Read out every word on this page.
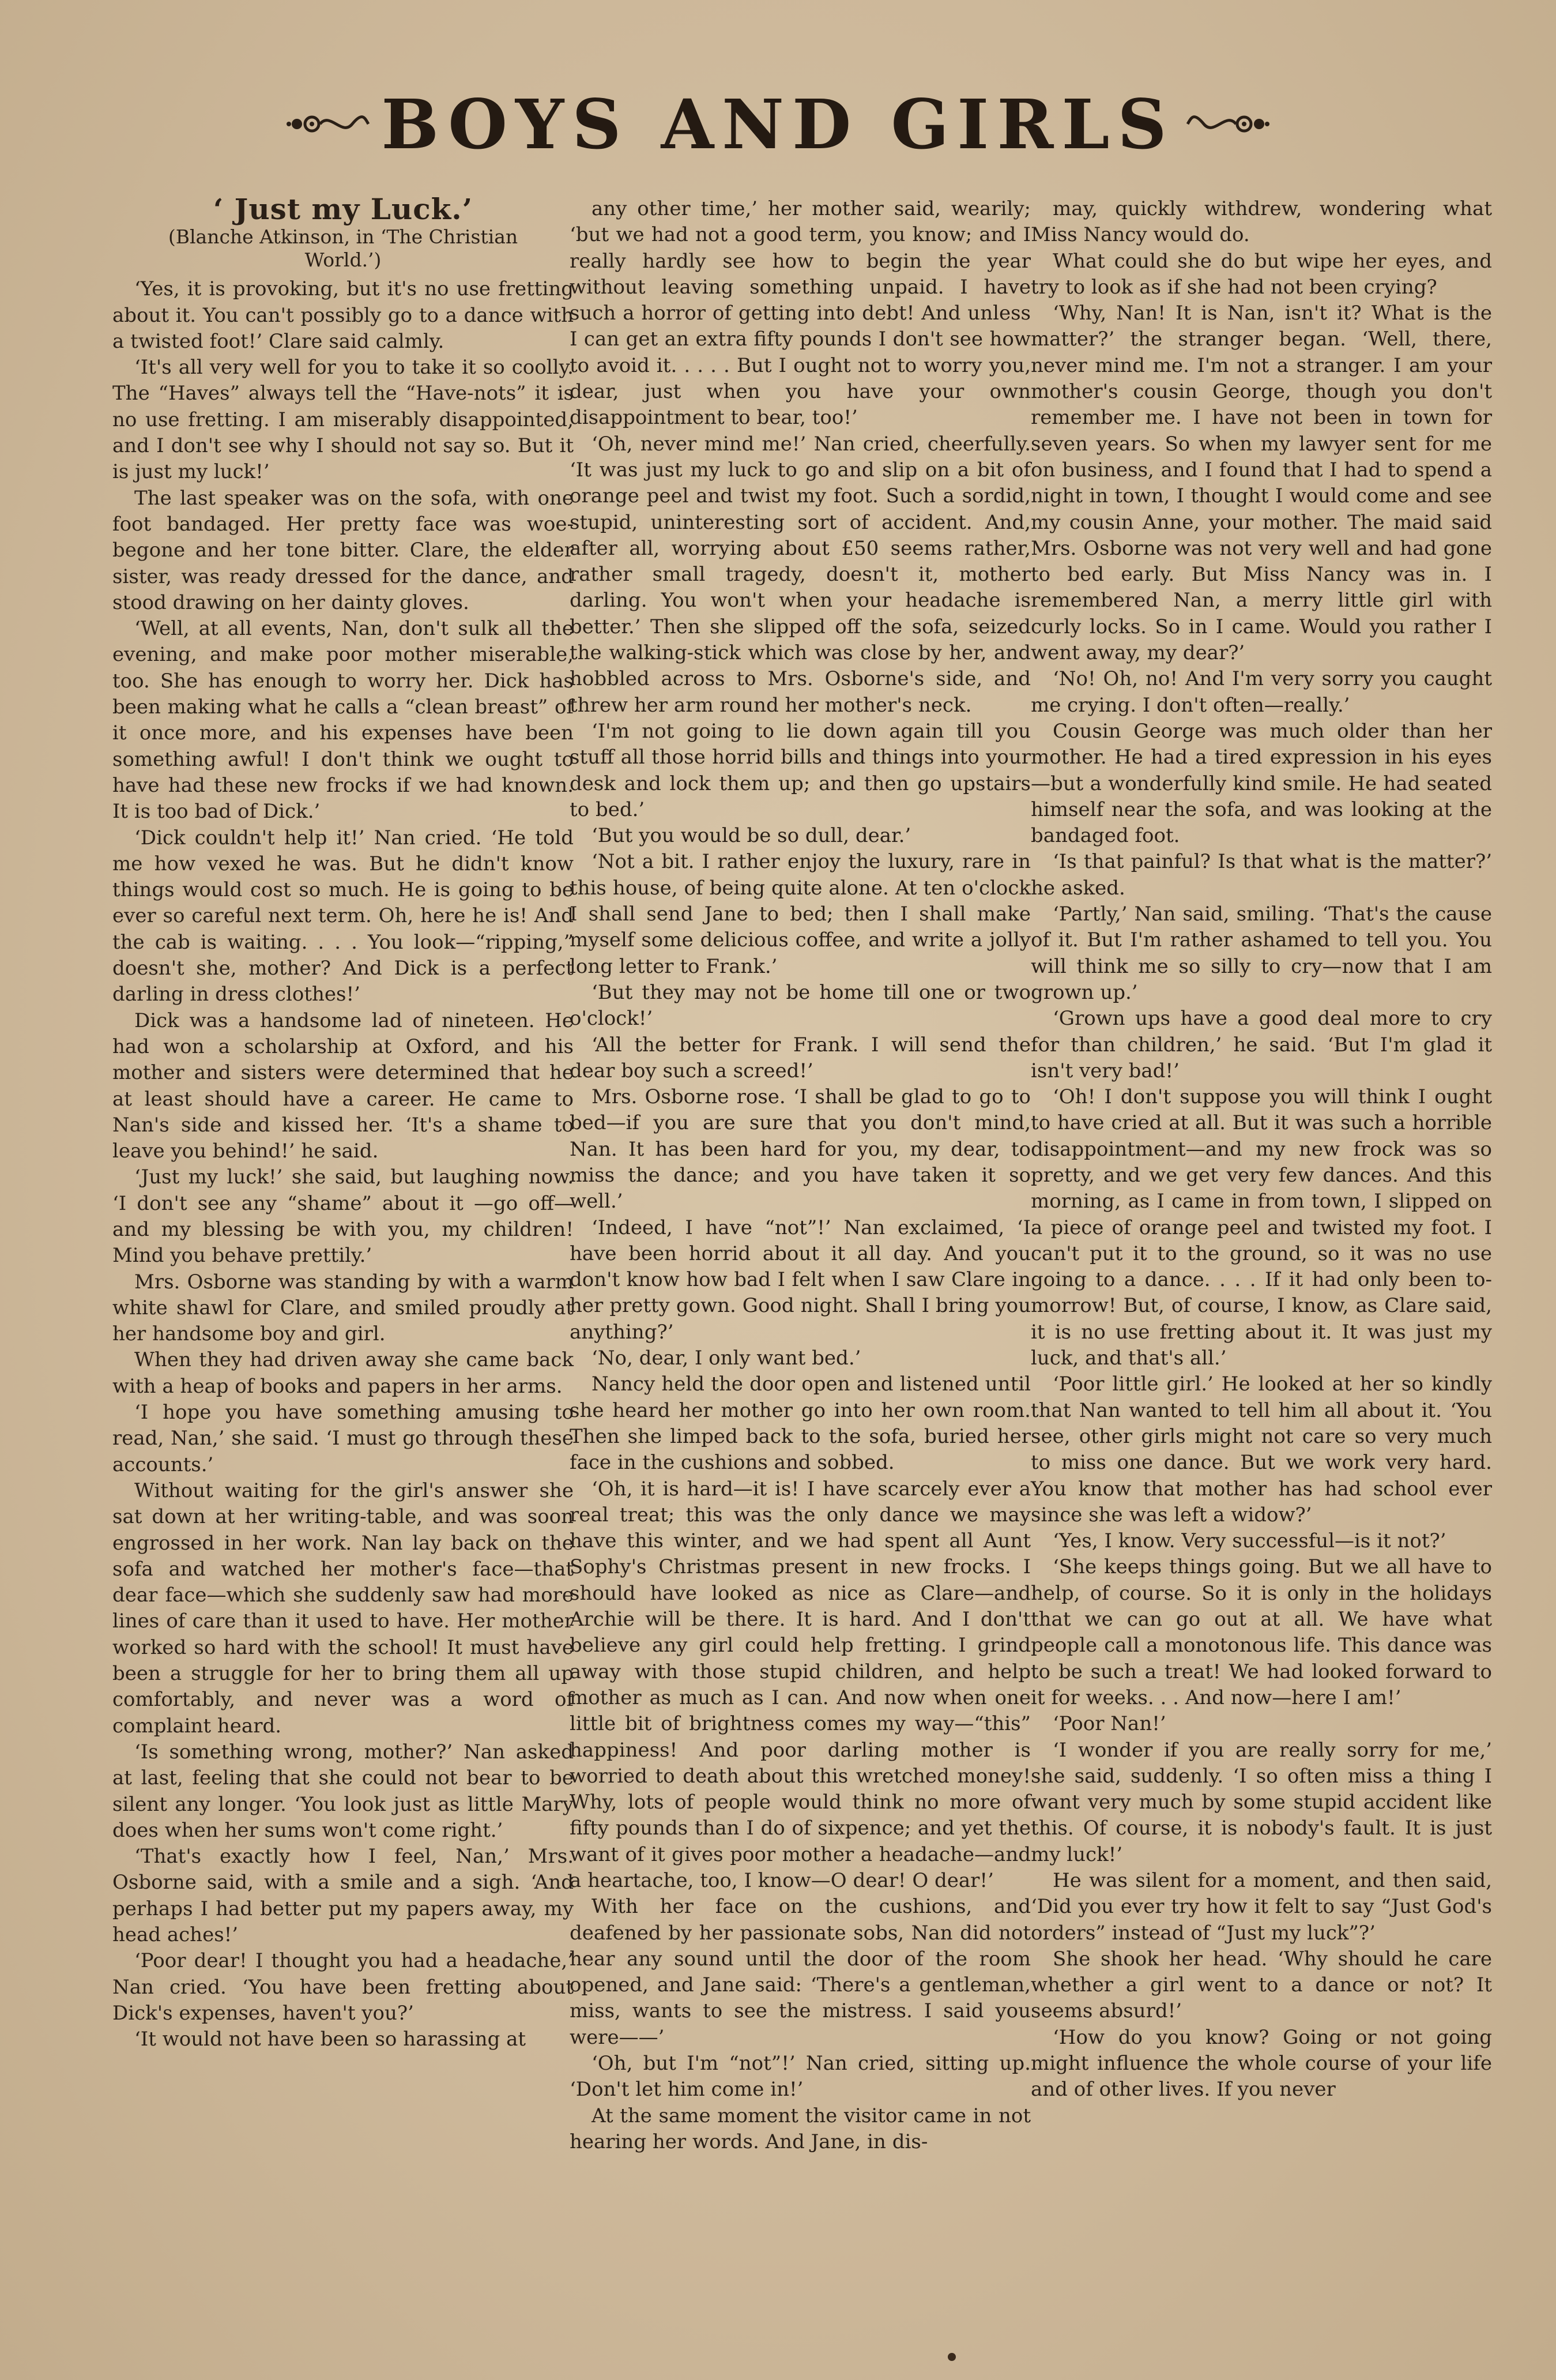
BOYS AND GIRLS
‘ Just my Luck.’
(Blanche Atkinson, in ‘The Christian World.’)

‘Yes, it is provoking, but it's no use fretting about it. You can't possibly go to a dance with a twisted foot!’ Clare said calmly.

‘It's all very well for you to take it so coolly. The “Haves” always tell the “Have-nots” it is no use fretting. I am miserably disappointed, and I don't see why I should not say so. But it is just my luck!’

The last speaker was on the sofa, with one foot bandaged. Her pretty face was woe-begone and her tone bitter. Clare, the elder sister, was ready dressed for the dance, and stood drawing on her dainty gloves.

‘Well, at all events, Nan, don't sulk all the evening, and make poor mother miserable, too. She has enough to worry her. Dick has been making what he calls a “clean breast” of it once more, and his expenses have been something awful! I don't think we ought to have had these new frocks if we had known. It is too bad of Dick.’

‘Dick couldn't help it!’ Nan cried. ‘He told me how vexed he was. But he didn't know things would cost so much. He is going to be ever so careful next term. Oh, here he is! And the cab is waiting. . . . You look—“ripping,” doesn't she, mother? And Dick is a perfect darling in dress clothes!’

Dick was a handsome lad of nineteen. He had won a scholarship at Oxford, and his mother and sisters were determined that he at least should have a career. He came to Nan's side and kissed her. ‘It's a shame to leave you behind!’ he said.

‘Just my luck!’ she said, but laughing now. ‘I don't see any “shame” about it —go off—and my blessing be with you, my children! Mind you behave prettily.’

Mrs. Osborne was standing by with a warm white shawl for Clare, and smiled proudly at her handsome boy and girl.

When they had driven away she came back with a heap of books and papers in her arms.

‘I hope you have something amusing to read, Nan,’ she said. ‘I must go through these accounts.’

Without waiting for the girl's answer she sat down at her writing-table, and was soon engrossed in her work. Nan lay back on the sofa and watched her mother's face—that dear face—which she suddenly saw had more lines of care than it used to have. Her mother worked so hard with the school! It must have been a struggle for her to bring them all up comfortably, and never was a word of complaint heard.

‘Is something wrong, mother?’ Nan asked at last, feeling that she could not bear to be silent any longer. ‘You look just as little Mary does when her sums won't come right.’

‘That's exactly how I feel, Nan,’ Mrs. Osborne said, with a smile and a sigh. ‘And perhaps I had better put my papers away, my head aches!’

‘Poor dear! I thought you had a headache,’ Nan cried. ‘You have been fretting about Dick's expenses, haven't you?’

‘It would not have been so harassing at

any other time,’ her mother said, wearily; ‘but we had not a good term, you know; and I really hardly see how to begin the year without leaving something unpaid. I have such a horror of getting into debt! And unless I can get an extra fifty pounds I don't see how to avoid it. . . . . But I ought not to worry you, dear, just when you have your own disappointment to bear, too!’

‘Oh, never mind me!’ Nan cried, cheerfully. ‘It was just my luck to go and slip on a bit of orange peel and twist my foot. Such a sordid, stupid, uninteresting sort of accident. And, after all, worrying about £50 seems rather, rather small tragedy, doesn't it, mother darling. You won't when your headache is better.’ Then she slipped off the sofa, seized the walking-stick which was close by her, and hobbled across to Mrs. Osborne's side, and threw her arm round her mother's neck.

‘I'm not going to lie down again till you stuff all those horrid bills and things into your desk and lock them up; and then go upstairs to bed.’

‘But you would be so dull, dear.’

‘Not a bit. I rather enjoy the luxury, rare in this house, of being quite alone. At ten o'clock I shall send Jane to bed; then I shall make myself some delicious coffee, and write a jolly long letter to Frank.’

‘But they may not be home till one or two o'clock!’

‘All the better for Frank. I will send the dear boy such a screed!’

Mrs. Osborne rose. ‘I shall be glad to go to bed—if you are sure that you don't mind, Nan. It has been hard for you, my dear, to miss the dance; and you have taken it so well.’

‘Indeed, I have “not”!’ Nan exclaimed, ‘I have been horrid about it all day. And you don't know how bad I felt when I saw Clare in her pretty gown. Good night. Shall I bring you anything?’

‘No, dear, I only want bed.’

Nancy held the door open and listened until she heard her mother go into her own room. Then she limped back to the sofa, buried her face in the cushions and sobbed.

‘Oh, it is hard—it is! I have scarcely ever a real treat; this was the only dance we may have this winter, and we had spent all Aunt Sophy's Christmas present in new frocks. I should have looked as nice as Clare—and Archie will be there. It is hard. And I don't believe any girl could help fretting. I grind away with those stupid children, and help mother as much as I can. And now when one little bit of brightness comes my way—“this” happiness! And poor darling mother is worried to death about this wretched money! Why, lots of people would think no more of fifty pounds than I do of sixpence; and yet the want of it gives poor mother a headache—and a heartache, too, I know—O dear! O dear!’

With her face on the cushions, and deafened by her passionate sobs, Nan did not hear any sound until the door of the room opened, and Jane said: ‘There's a gentleman, miss, wants to see the mistress. I said you were——’

‘Oh, but I'm “not”!’ Nan cried, sitting up. ‘Don't let him come in!’

At the same moment the visitor came in not hearing her words. And Jane, in dis-

may, quickly withdrew, wondering what Miss Nancy would do.

What could she do but wipe her eyes, and try to look as if she had not been crying?

‘Why, Nan! It is Nan, isn't it? What is the matter?’ the stranger began. ‘Well, there, never mind me. I'm not a stranger. I am your mother's cousin George, though you don't remember me. I have not been in town for seven years. So when my lawyer sent for me on business, and I found that I had to spend a night in town, I thought I would come and see my cousin Anne, your mother. The maid said Mrs. Osborne was not very well and had gone to bed early. But Miss Nancy was in. I remembered Nan, a merry little girl with curly locks. So in I came. Would you rather I went away, my dear?’

‘No! Oh, no! And I'm very sorry you caught me crying. I don't often—really.’

Cousin George was much older than her mother. He had a tired expression in his eyes—but a wonderfully kind smile. He had seated himself near the sofa, and was looking at the bandaged foot.

‘Is that painful? Is that what is the matter?’ he asked.

‘Partly,’ Nan said, smiling. ‘That's the cause of it. But I'm rather ashamed to tell you. You will think me so silly to cry—now that I am grown up.’

‘Grown ups have a good deal more to cry for than children,’ he said. ‘But I'm glad it isn't very bad!’

‘Oh! I don't suppose you will think I ought to have cried at all. But it was such a horrible disappointment—and my new frock was so pretty, and we get very few dances. And this morning, as I came in from town, I slipped on a piece of orange peel and twisted my foot. I can't put it to the ground, so it was no use going to a dance. . . . If it had only been to-morrow! But, of course, I know, as Clare said, it is no use fretting about it. It was just my luck, and that's all.’

‘Poor little girl.’ He looked at her so kindly that Nan wanted to tell him all about it. ‘You see, other girls might not care so very much to miss one dance. But we work very hard. You know that mother has had school ever since she was left a widow?’

‘Yes, I know. Very successful—is it not?’

‘She keeps things going. But we all have to help, of course. So it is only in the holidays that we can go out at all. We have what people call a monotonous life. This dance was to be such a treat! We had looked forward to it for weeks. . . And now—here I am!’

‘Poor Nan!’

‘I wonder if you are really sorry for me,’ she said, suddenly. ‘I so often miss a thing I want very much by some stupid accident like this. Of course, it is nobody's fault. It is just my luck!’

He was silent for a moment, and then said, ‘Did you ever try how it felt to say “Just God's orders” instead of “Just my luck”?’

She shook her head. ‘Why should he care whether a girl went to a dance or not? It seems absurd!’

‘How do you know? Going or not going might influence the whole course of your life and of other lives. If you never
